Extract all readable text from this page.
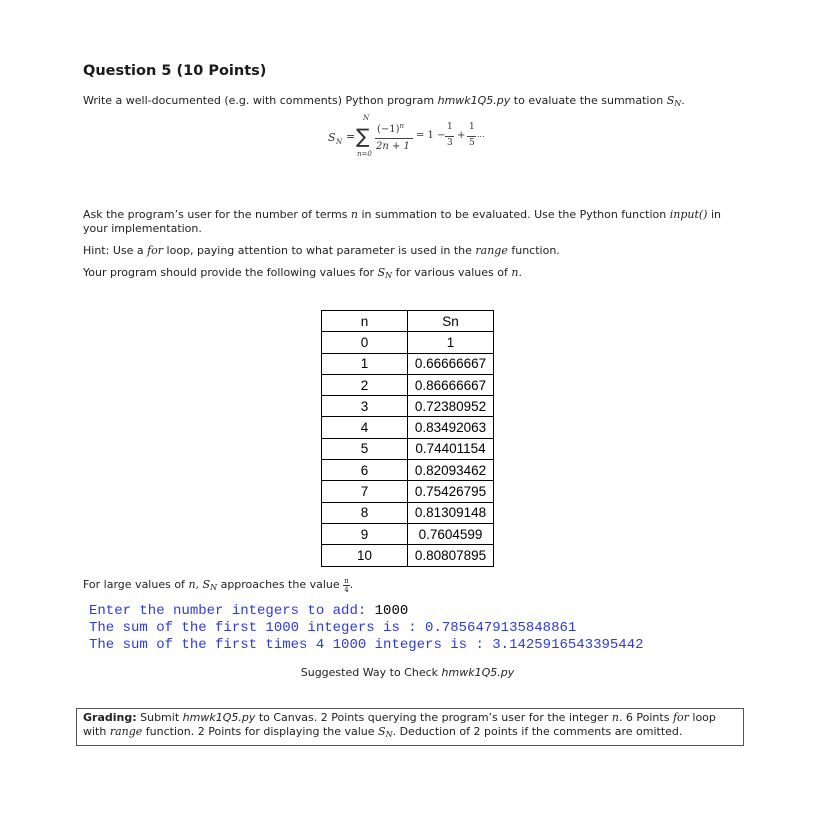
Question 5 (10 Points)
Write a well-documented (e.g. with comments) Python program hmwk1Q5.py to evaluate the summation $S_N$.
S N =
N
∑
n=0
$(-1)^n$
2n + 1
= 1 −
1
3
+
1
5
...
Ask the program’s user for the number of terms n in summation to be evaluated. Use the Python function input() in your implementation.
Hint: Use a for loop, paying attention to what parameter is used in the range function.
Your program should provide the following values for $S_N$ for various values of n.
n	Sn
0	1
1	0.66666667
2	0.86666667
3	0.72380952
4	0.83492063
5	0.74401154
6	0.82093462
7	0.75426795
8	0.81309148
9	0.7604599
10	0.80807895
For large values of n, $S_N$ approaches the value $\frac{\pi}{4}$.
Enter the number integers to add: 1000
The sum of the first 1000 integers is : 0.7856479135848861
The sum of the first times 4 1000 integers is : 3.1425916543395442
Suggested Way to Check hmwk1Q5.py
Grading: Submit hmwk1Q5.py to Canvas. 2 Points querying the program’s user for the integer n. 6 Points for loop with range function. 2 Points for displaying the value $S_N$. Deduction of 2 points if the comments are omitted.
